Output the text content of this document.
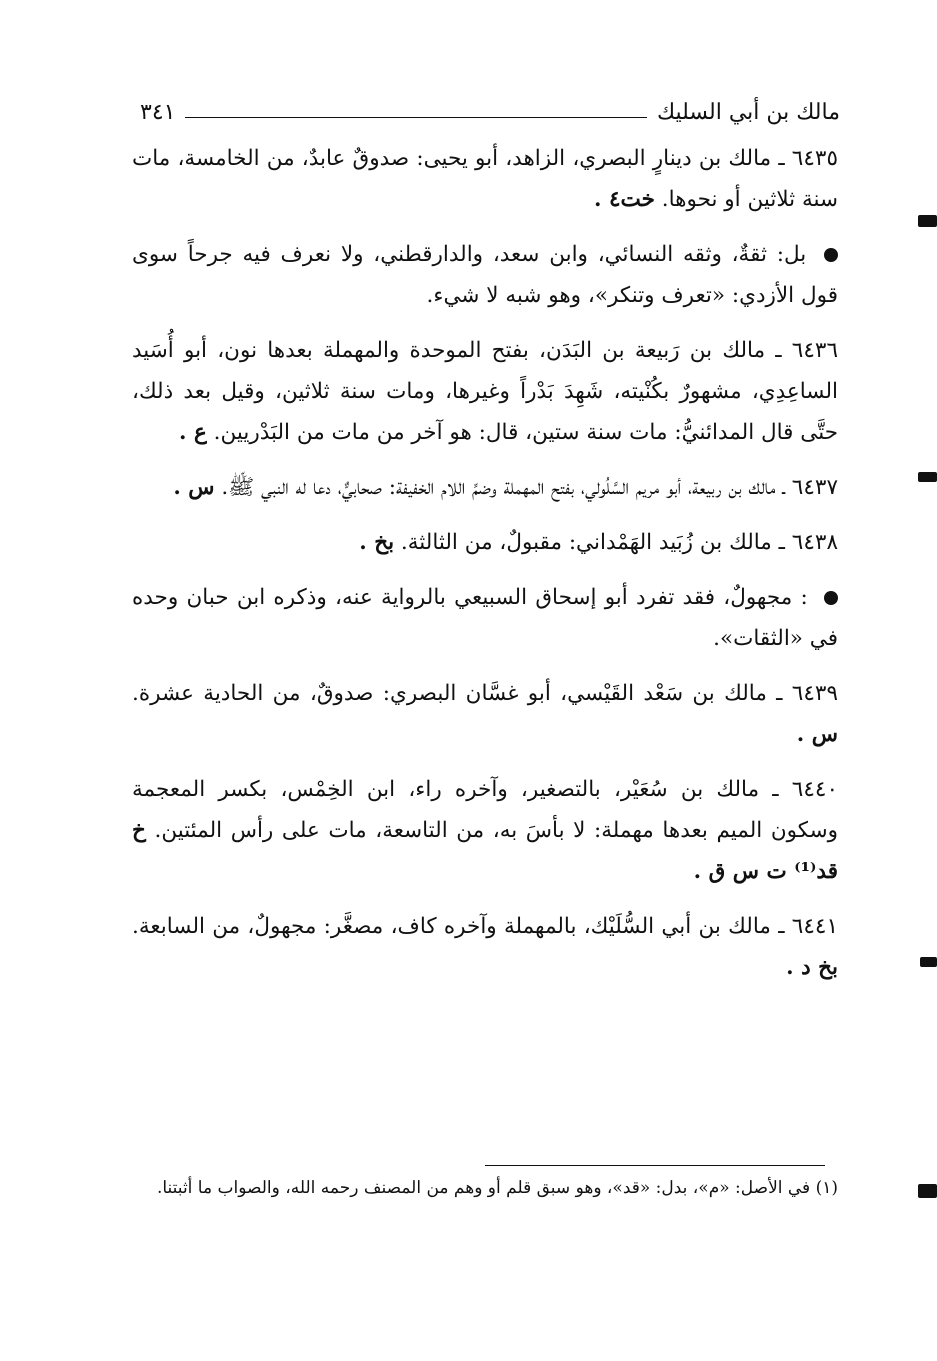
مالك بن أبي السليك
٣٤١

٦٤٣٥ ـ مالك بن دينارٍ البصري، الزاهد، أبو يحيى: صدوقٌ عابدٌ، من الخامسة، مات سنة ثلاثين أو نحوها. خت٤ .

بل: ثقةٌ، وثقه النسائي، وابن سعد، والدارقطني، ولا نعرف فيه جرحاً سوى قول الأزدي: «تعرف وتنكر»، وهو شبه لا شيء.

٦٤٣٦ ـ مالك بن رَبيعة بن البَدَن، بفتح الموحدة والمهملة بعدها نون، أبو أُسَيد الساعِدِي، مشهورٌ بكُنْيته، شَهِدَ بَدْراً وغيرها، ومات سنة ثلاثين، وقيل بعد ذلك، حتَّى قال المدائنيُّ: مات سنة ستين، قال: هو آخر من مات من البَدْريين. ع .

٦٤٣٧ ـ مالك بن ربيعة، أبو مريم السَّلُولي، بفتح المهملة وضمِّ اللام الخفيفة: صحابيٌّ، دعا له النبي ﷺ. س .

٦٤٣٨ ـ مالك بن زُبَيد الهَمْداني: مقبولٌ، من الثالثة. بخ .

: مجهولٌ، فقد تفرد أبو إسحاق السبيعي بالرواية عنه، وذكره ابن حبان وحده في «الثقات».

٦٤٣٩ ـ مالك بن سَعْد القَيْسي، أبو غسَّان البصري: صدوقٌ، من الحادية عشرة. س .

٦٤٤٠ ـ مالك بن سُعَيْر، بالتصغير، وآخره راء، ابن الخِمْس، بكسر المعجمة وسكون الميم بعدها مهملة: لا بأسَ به، من التاسعة، مات على رأس المئتين. خ قد⁽¹⁾ ت س ق .

٦٤٤١ ـ مالك بن أبي السُّلَيْك، بالمهملة وآخره كاف، مصغَّر: مجهولٌ، من السابعة. بخ د .

(١) في الأصل: «م»، بدل: «قد»، وهو سبق قلم أو وهم من المصنف رحمه الله، والصواب ما أثبتنا.
